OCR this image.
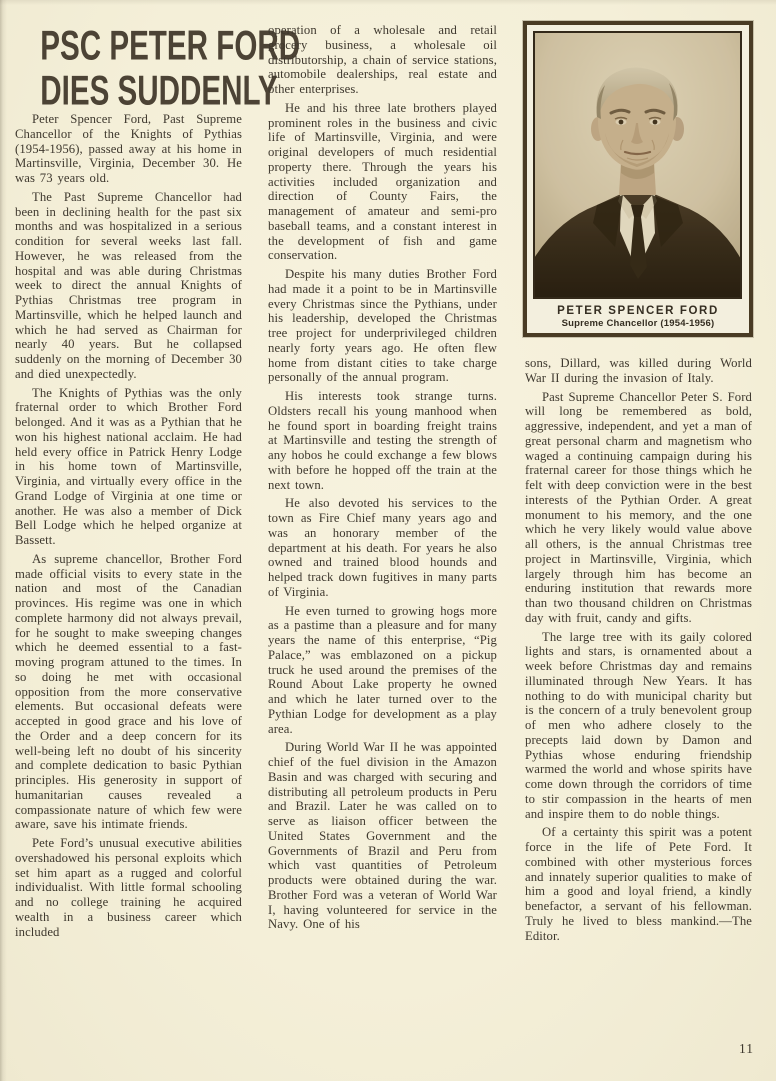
PSC PETER FORD
DIES SUDDENLY

Peter Spencer Ford, Past Supreme Chancellor of the Knights of Pythias (1954-1956), passed away at his home in Martinsville, Virginia, December 30. He was 73 years old.

The Past Supreme Chancellor had been in declining health for the past six months and was hospitalized in a serious condition for several weeks last fall. However, he was released from the hospital and was able during Christmas week to direct the annual Knights of Pythias Christmas tree program in Martinsville, which he helped launch and which he had served as Chairman for nearly 40 years. But he collapsed suddenly on the morning of December 30 and died unexpectedly.

The Knights of Pythias was the only fraternal order to which Brother Ford belonged. And it was as a Pythian that he won his highest national acclaim. He had held every office in Patrick Henry Lodge in his home town of Martinsville, Virginia, and virtually every office in the Grand Lodge of Virginia at one time or another. He was also a member of Dick Bell Lodge which he helped organize at Bassett.

As supreme chancellor, Brother Ford made official visits to every state in the nation and most of the Canadian provinces. His regime was one in which complete harmony did not always prevail, for he sought to make sweeping changes which he deemed essential to a fast-moving program attuned to the times. In so doing he met with occasional opposition from the more conservative elements. But occasional defeats were accepted in good grace and his love of the Order and a deep concern for its well-being left no doubt of his sincerity and complete dedication to basic Pythian principles. His generosity in support of humanitarian causes revealed a compassionate nature of which few were aware, save his intimate friends.

Pete Ford’s unusual executive abilities overshadowed his personal exploits which set him apart as a rugged and colorful individualist. With little formal schooling and no college training he acquired wealth in a business career which included

operation of a wholesale and retail grocery business, a wholesale oil distributorship, a chain of service stations, automobile dealerships, real estate and other enterprises.

He and his three late brothers played prominent roles in the business and civic life of Martinsville, Virginia, and were original developers of much residential property there. Through the years his activities included organization and direction of County Fairs, the management of amateur and semi-pro baseball teams, and a constant interest in the development of fish and game conservation.

Despite his many duties Brother Ford had made it a point to be in Martinsville every Christmas since the Pythians, under his leadership, developed the Christmas tree project for underprivileged children nearly forty years ago. He often flew home from distant cities to take charge personally of the annual program.

His interests took strange turns. Oldsters recall his young manhood when he found sport in boarding freight trains at Martinsville and testing the strength of any hobos he could exchange a few blows with before he hopped off the train at the next town.

He also devoted his services to the town as Fire Chief many years ago and was an honorary member of the department at his death. For years he also owned and trained blood hounds and helped track down fugitives in many parts of Virginia.

He even turned to growing hogs more as a pastime than a pleasure and for many years the name of this enterprise, “Pig Palace,” was emblazoned on a pickup truck he used around the premises of the Round About Lake property he owned and which he later turned over to the Pythian Lodge for development as a play area.

During World War II he was appointed chief of the fuel division in the Amazon Basin and was charged with securing and distributing all petroleum products in Peru and Brazil. Later he was called on to serve as liaison officer between the United States Government and the Governments of Brazil and Peru from which vast quantities of Petroleum products were obtained during the war. Brother Ford was a veteran of World War I, having volunteered for service in the Navy. One of his

sons, Dillard, was killed during World War II during the invasion of Italy.

Past Supreme Chancellor Peter S. Ford will long be remembered as bold, aggressive, independent, and yet a man of great personal charm and magnetism who waged a continuing campaign during his fraternal career for those things which he felt with deep conviction were in the best interests of the Pythian Order. A great monument to his memory, and the one which he very likely would value above all others, is the annual Christmas tree project in Martinsville, Virginia, which largely through him has become an enduring institution that rewards more than two thousand children on Christmas day with fruit, candy and gifts.

The large tree with its gaily colored lights and stars, is ornamented about a week before Christmas day and remains illuminated through New Years. It has nothing to do with municipal charity but is the concern of a truly benevolent group of men who adhere closely to the precepts laid down by Damon and Pythias whose enduring friendship warmed the world and whose spirits have come down through the corridors of time to stir compassion in the hearts of men and inspire them to do noble things.

Of a certainty this spirit was a potent force in the life of Pete Ford. It combined with other mysterious forces and innately superior qualities to make of him a good and loyal friend, a kindly benefactor, a servant of his fellowman. Truly he lived to bless mankind.—The Editor.

PETER SPENCER FORD
Supreme Chancellor (1954-1956)
11
